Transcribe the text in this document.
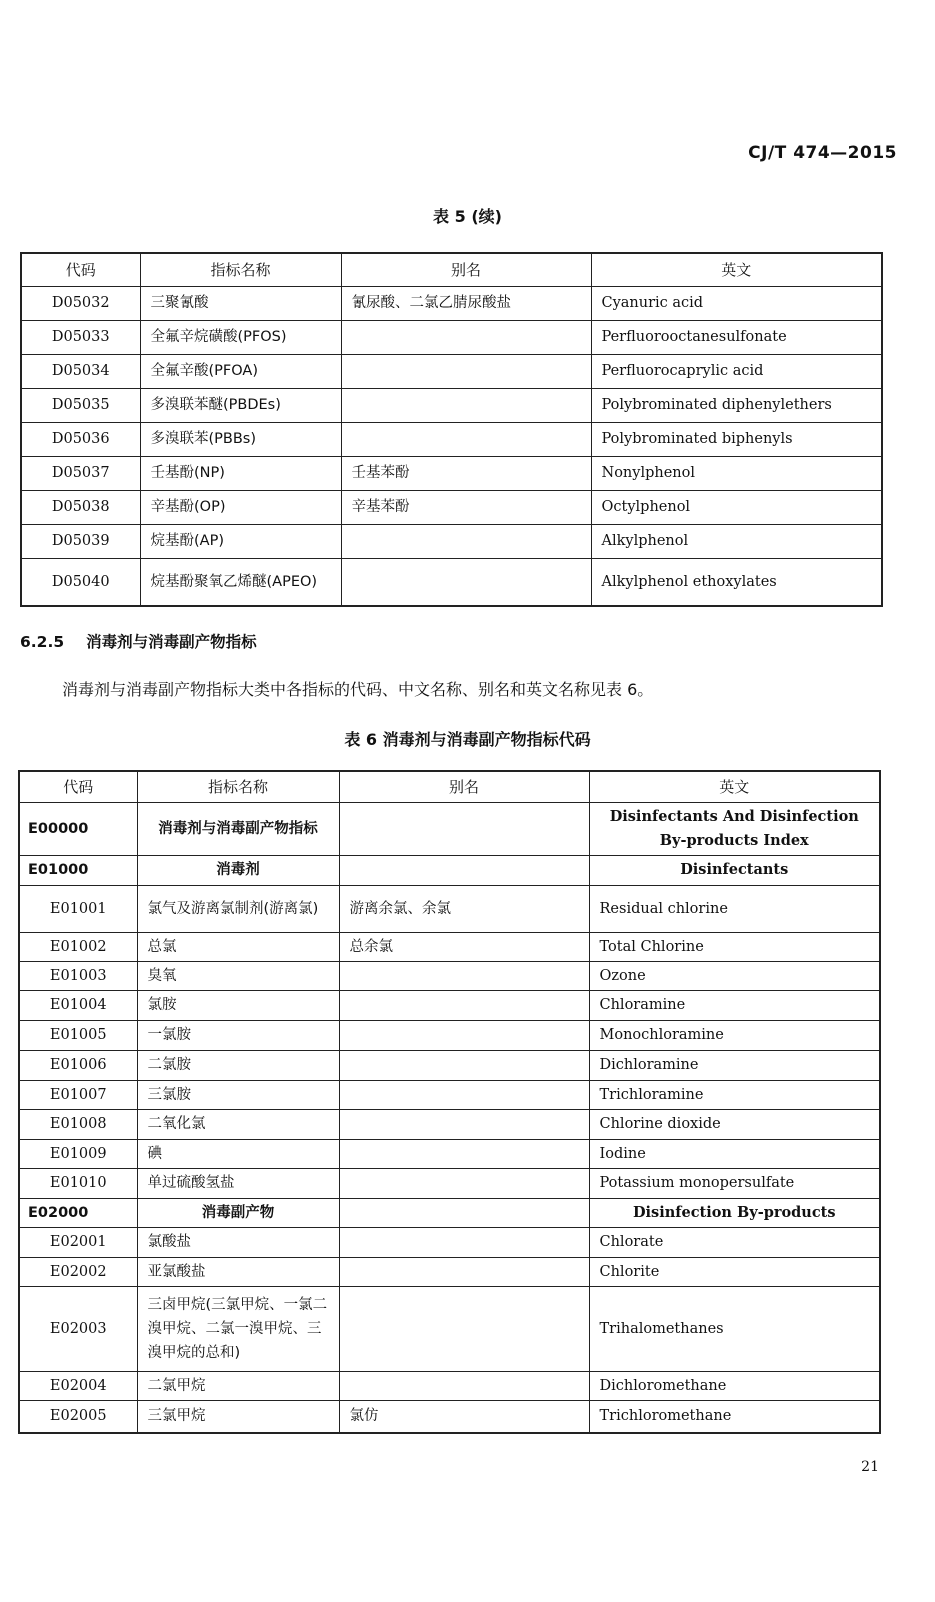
CJ/T 474—2015
表 5 (续)
代码	指标名称	别名	英文
D05032	三聚氰酸	氰尿酸、二氯乙腈尿酸盐	Cyanuric acid
D05033	全氟辛烷磺酸(PFOS)		Perfluorooctanesulfonate
D05034	全氟辛酸(PFOA)		Perfluorocaprylic acid
D05035	多溴联苯醚(PBDEs)		Polybrominated diphenylethers
D05036	多溴联苯(PBBs)		Polybrominated biphenyls
D05037	壬基酚(NP)	壬基苯酚	Nonylphenol
D05038	辛基酚(OP)	辛基苯酚	Octylphenol
D05039	烷基酚(AP)		Alkylphenol
D05040	烷基酚聚氧乙烯醚(APEO)		Alkylphenol ethoxylates
6.2.5 消毒剂与消毒副产物指标
消毒剂与消毒副产物指标大类中各指标的代码、中文名称、别名和英文名称见表 6。
表 6 消毒剂与消毒副产物指标代码
代码	指标名称	别名	英文
E00000	消毒剂与消毒副产物指标		Disinfectants And Disinfection By-products Index
E01000	消毒剂		Disinfectants
E01001	氯气及游离氯制剂(游离氯)	游离余氯、余氯	Residual chlorine
E01002	总氯	总余氯	Total Chlorine
E01003	臭氧		Ozone
E01004	氯胺		Chloramine
E01005	一氯胺		Monochloramine
E01006	二氯胺		Dichloramine
E01007	三氯胺		Trichloramine
E01008	二氧化氯		Chlorine dioxide
E01009	碘		Iodine
E01010	单过硫酸氢盐		Potassium monopersulfate
E02000	消毒副产物		Disinfection By-products
E02001	氯酸盐		Chlorate
E02002	亚氯酸盐		Chlorite
E02003	三卤甲烷(三氯甲烷、一氯二溴甲烷、二氯一溴甲烷、三溴甲烷的总和)		Trihalomethanes
E02004	二氯甲烷		Dichloromethane
E02005	三氯甲烷	氯仿	Trichloromethane
21
